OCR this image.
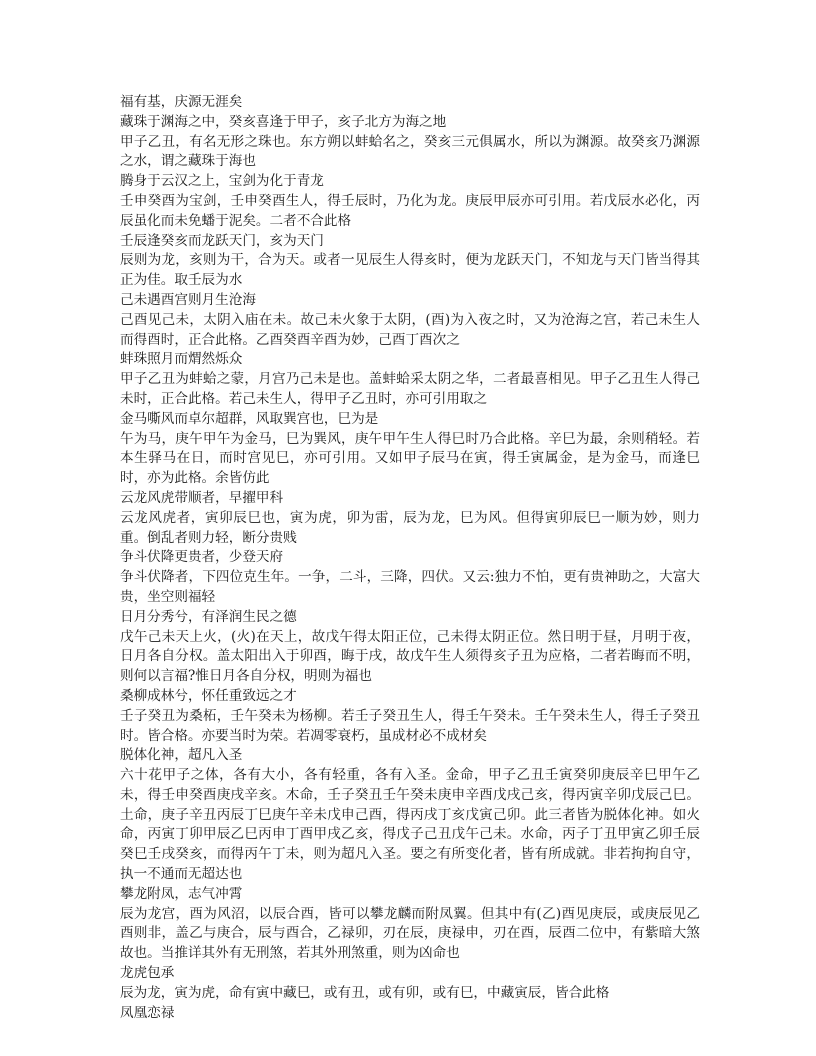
福有基，庆源无涯矣

藏珠于渊海之中，癸亥喜逢于甲子，亥子北方为海之地

甲子乙丑，有名无形之珠也。东方朔以蚌蛤名之，癸亥三元俱属水，所以为渊源。故癸亥乃渊源之水，谓之藏珠于海也

腾身于云汉之上，宝剑为化于青龙

壬申癸酉为宝剑，壬申癸酉生人，得壬辰时，乃化为龙。庚辰甲辰亦可引用。若戊辰水必化，丙辰虽化而未免蟠于泥矣。二者不合此格

壬辰逢癸亥而龙跃天门，亥为天门

辰则为龙，亥则为干，合为天。或者一见辰生人得亥时，便为龙跃天门，不知龙与天门皆当得其正为佳。取壬辰为水

己未遇酉宫则月生沧海

己酉见己未，太阴入庙在未。故己未火象于太阴，(酉)为入夜之时，又为沧海之宫，若己未生人而得酉时，正合此格。乙酉癸酉辛酉为妙，己酉丁酉次之

蚌珠照月而煟然烁众

甲子乙丑为蚌蛤之蒙，月宫乃己未是也。盖蚌蛤采太阴之华，二者最喜相见。甲子乙丑生人得己未时，正合此格。若己未生人，得甲子乙丑时，亦可引用取之

金马嘶风而卓尔超群，风取巽宫也，巳为是

午为马，庚午甲午为金马，巳为巽风，庚午甲午生人得巳时乃合此格。辛巳为最，余则稍轻。若本生驿马在日，而时宫见巳，亦可引用。又如甲子辰马在寅，得壬寅属金，是为金马，而逢巳时，亦为此格。余皆仿此

云龙风虎带顺者，早擢甲科

云龙风虎者，寅卯辰巳也，寅为虎，卯为雷，辰为龙，巳为风。但得寅卯辰巳一顺为妙，则力重。倒乱者则力轻，断分贵贱

争斗伏降更贵者，少登天府

争斗伏降者，下四位克生年。一争，二斗，三降，四伏。又云:独力不怕，更有贵神助之，大富大贵，坐空则福轻

日月分秀兮，有泽润生民之德

戊午己未天上火，(火)在天上，故戊午得太阳正位，己未得太阴正位。然日明于昼，月明于夜，日月各自分权。盖太阳出入于卯酉，晦于戌，故戊午生人须得亥子丑为应格，二者若晦而不明，则何以言福?惟日月各自分权，明则为福也

桑柳成林兮，怀任重致远之才

壬子癸丑为桑柘，壬午癸未为杨柳。若壬子癸丑生人，得壬午癸未。壬午癸未生人，得壬子癸丑时。皆合格。亦要当时为荣。若凋零衰朽，虽成材必不成材矣

脱体化神，超凡入圣

六十花甲子之体，各有大小，各有轻重，各有入圣。金命，甲子乙丑壬寅癸卯庚辰辛巳甲午乙未，得壬申癸酉庚戌辛亥。木命，壬子癸丑壬午癸未庚申辛酉戊戌己亥，得丙寅辛卯戊辰己巳。土命，庚子辛丑丙辰丁巳庚午辛未戊申己酉，得丙戌丁亥戊寅己卯。此三者皆为脱体化神。如火命，丙寅丁卯甲辰乙巳丙申丁酉甲戌乙亥，得戊子己丑戊午己未。水命，丙子丁丑甲寅乙卯壬辰癸巳壬戌癸亥，而得丙午丁未，则为超凡入圣。要之有所变化者，皆有所成就。非若拘拘自守，执一不通而无超达也

攀龙附凤，志气冲霄

辰为龙宫，酉为风沼，以辰合酉，皆可以攀龙麟而附凤翼。但其中有(乙)酉见庚辰，或庚辰见乙酉则非，盖乙与庚合，辰与酉合，乙禄卯，刃在辰，庚禄申，刃在酉，辰酉二位中，有紫暗大煞故也。当推详其外有无刑煞，若其外刑煞重，则为凶命也

龙虎包承

辰为龙，寅为虎，命有寅中藏巳，或有丑，或有卯，或有巳，中藏寅辰，皆合此格

凤凰恋禄
